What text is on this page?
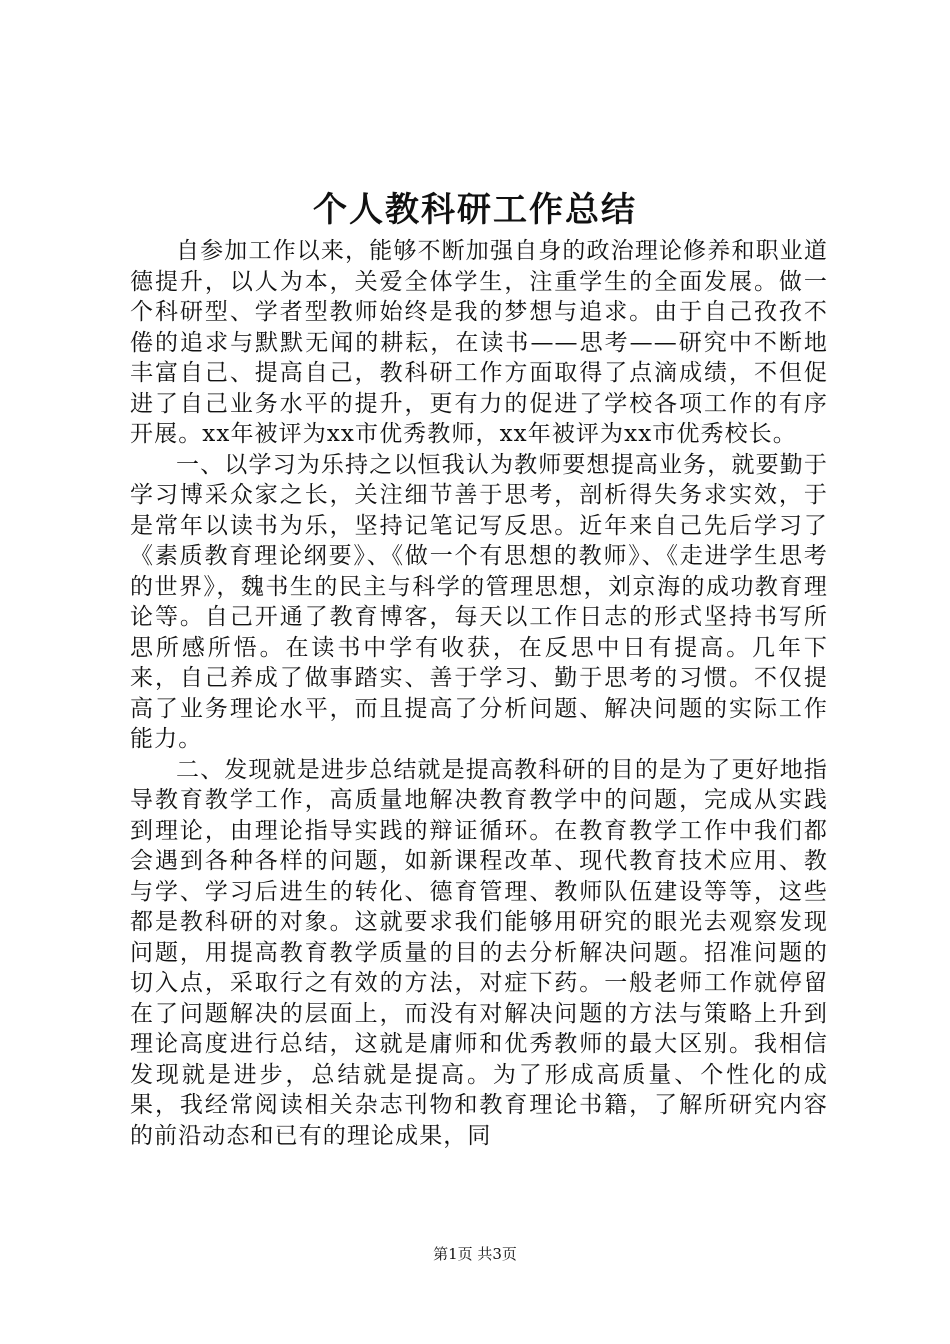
个人教科研工作总结

自参加工作以来，能够不断加强自身的政治理论修养和职业道德提升，以人为本，关爱全体学生，注重学生的全面发展。做一个科研型、学者型教师始终是我的梦想与追求。由于自己孜孜不倦的追求与默默无闻的耕耘，在读书——思考——研究中不断地丰富自己、提高自己，教科研工作方面取得了点滴成绩，不但促进了自己业务水平的提升，更有力的促进了学校各项工作的有序开展。xx年被评为xx市优秀教师，xx年被评为xx市优秀校长。

一、以学习为乐持之以恒我认为教师要想提高业务，就要勤于学习博采众家之长，关注细节善于思考，剖析得失务求实效，于是常年以读书为乐，坚持记笔记写反思。近年来自己先后学习了《素质教育理论纲要》、《做一个有思想的教师》、《走进学生思考的世界》，魏书生的民主与科学的管理思想，刘京海的成功教育理论等。自己开通了教育博客，每天以工作日志的形式坚持书写所思所感所悟。在读书中学有收获，在反思中日有提高。几年下来，自己养成了做事踏实、善于学习、勤于思考的习惯。不仅提高了业务理论水平，而且提高了分析问题、解决问题的实际工作能力。

二、发现就是进步总结就是提高教科研的目的是为了更好地指导教育教学工作，高质量地解决教育教学中的问题，完成从实践到理论，由理论指导实践的辩证循环。在教育教学工作中我们都会遇到各种各样的问题，如新课程改革、现代教育技术应用、教与学、学习后进生的转化、德育管理、教师队伍建设等等，这些都是教科研的对象。这就要求我们能够用研究的眼光去观察发现问题，用提高教育教学质量的目的去分析解决问题。招准问题的切入点，采取行之有效的方法，对症下药。一般老师工作就停留在了问题解决的层面上，而没有对解决问题的方法与策略上升到理论高度进行总结，这就是庸师和优秀教师的最大区别。我相信发现就是进步，总结就是提高。为了形成高质量、个性化的成果，我经常阅读相关杂志刊物和教育理论书籍，了解所研究内容的前沿动态和已有的理论成果，同

第1页 共3页
